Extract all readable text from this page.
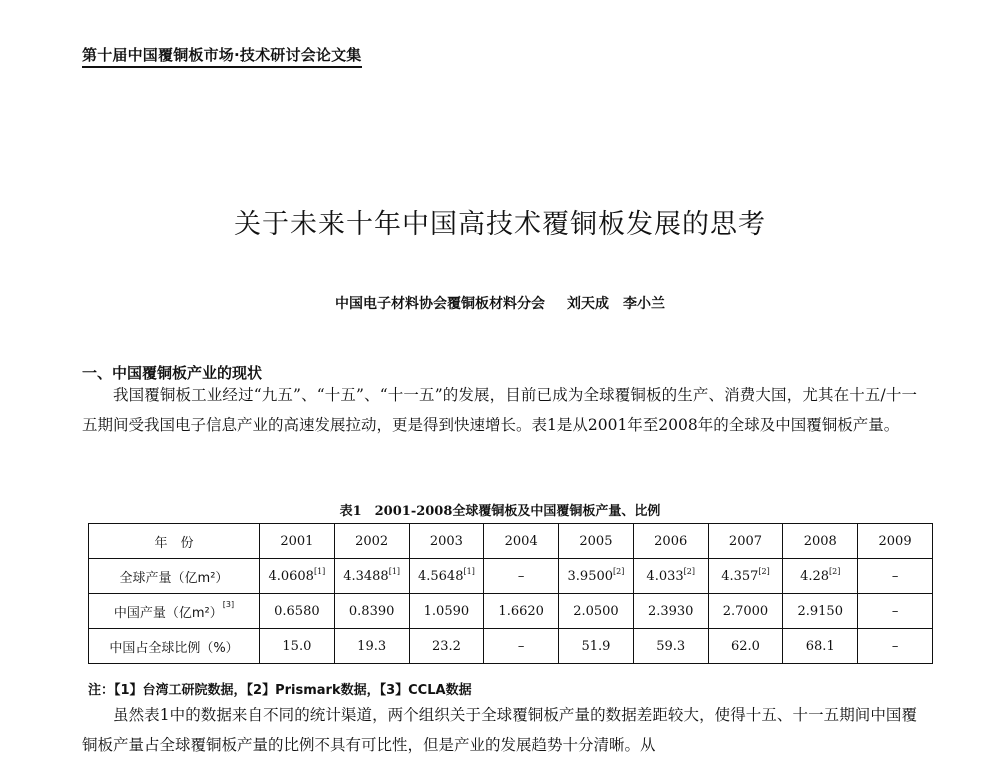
第十届中国覆铜板市场·技术研讨会论文集

关于未来十年中国高技术覆铜板发展的思考

中国电子材料协会覆铜板材料分会 刘天成 李小兰

一、中国覆铜板产业的现状

我国覆铜板工业经过“九五”、“十五”、“十一五”的发展，目前已成为全球覆铜板的生产、消费大国，尤其在十五/十一五期间受我国电子信息产业的高速发展拉动，更是得到快速增长。表1是从2001年至2008年的全球及中国覆铜板产量。

表1　2001-2008全球覆铜板及中国覆铜板产量、比例

年　份	2001	2002	2003	2004	2005	2006	2007	2008	2009
全球产量（亿m²）	4.0608[1]	4.3488[1]	4.5648[1]	–	3.9500[2]	4.033[2]	4.357[2]	4.28[2]	–
中国产量（亿m²）[3]	0.6580	0.8390	1.0590	1.6620	2.0500	2.3930	2.7000	2.9150	–
中国占全球比例（%）	15.0	19.3	23.2	–	51.9	59.3	62.0	68.1	–

注：【1】台湾工研院数据，【2】Prismark数据，【3】CCLA数据

虽然表1中的数据来自不同的统计渠道，两个组织关于全球覆铜板产量的数据差距较大，使得十五、十一五期间中国覆铜板产量占全球覆铜板产量的比例不具有可比性，但是产业的发展趋势十分清晰。从
